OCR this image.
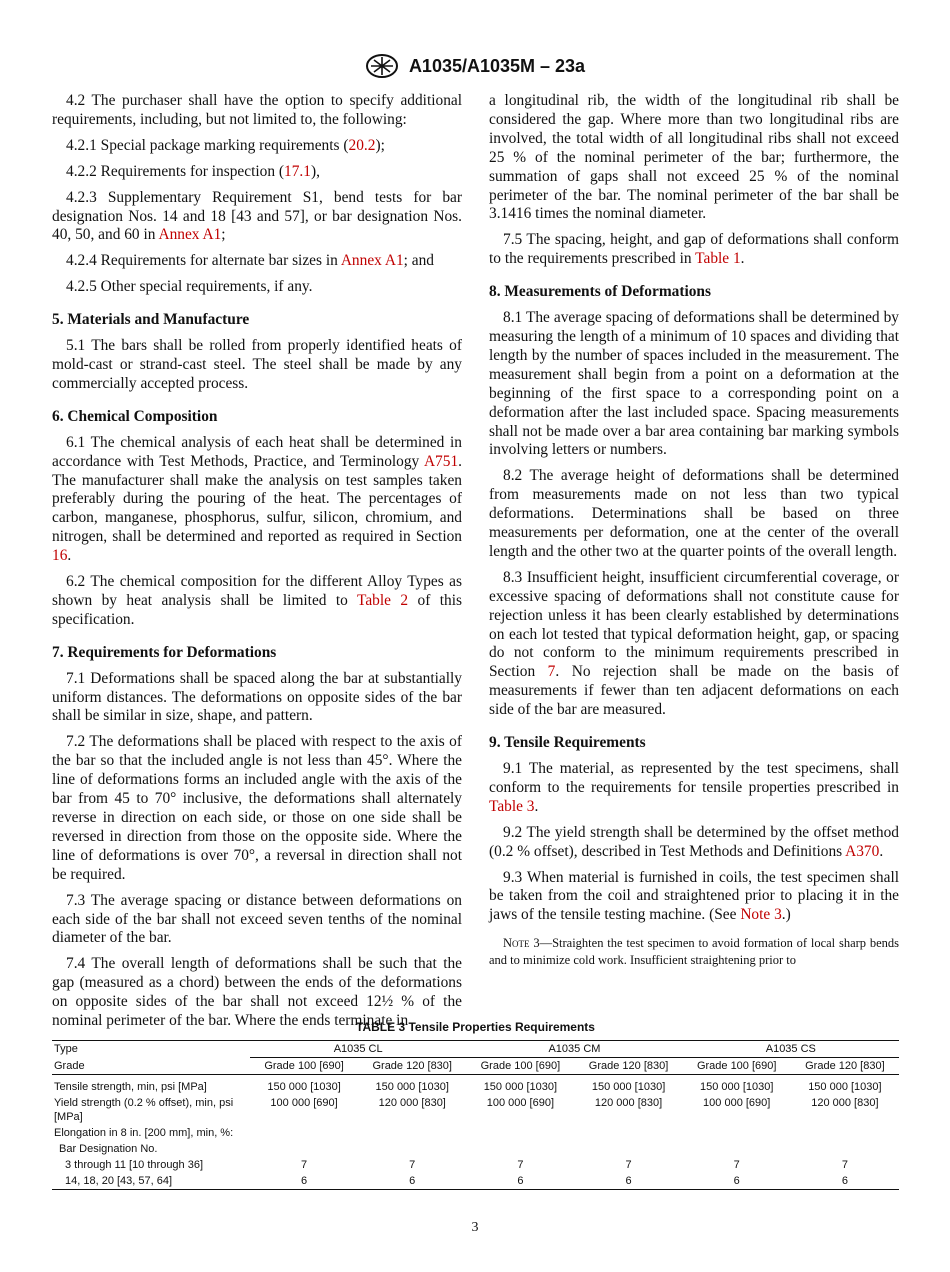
A1035/A1035M – 23a

4.2 The purchaser shall have the option to specify additional requirements, including, but not limited to, the following:

4.2.1 Special package marking requirements (20.2);

4.2.2 Requirements for inspection (17.1),

4.2.3 Supplementary Requirement S1, bend tests for bar designation Nos. 14 and 18 [43 and 57], or bar designation Nos. 40, 50, and 60 in Annex A1;

4.2.4 Requirements for alternate bar sizes in Annex A1; and

4.2.5 Other special requirements, if any.

5. Materials and Manufacture

5.1 The bars shall be rolled from properly identified heats of mold-cast or strand-cast steel. The steel shall be made by any commercially accepted process.

6. Chemical Composition

6.1 The chemical analysis of each heat shall be determined in accordance with Test Methods, Practice, and Terminology A751. The manufacturer shall make the analysis on test samples taken preferably during the pouring of the heat. The percentages of carbon, manganese, phosphorus, sulfur, silicon, chromium, and nitrogen, shall be determined and reported as required in Section 16.

6.2 The chemical composition for the different Alloy Types as shown by heat analysis shall be limited to Table 2 of this specification.

7. Requirements for Deformations

7.1 Deformations shall be spaced along the bar at substantially uniform distances. The deformations on opposite sides of the bar shall be similar in size, shape, and pattern.

7.2 The deformations shall be placed with respect to the axis of the bar so that the included angle is not less than 45°. Where the line of deformations forms an included angle with the axis of the bar from 45 to 70° inclusive, the deformations shall alternately reverse in direction on each side, or those on one side shall be reversed in direction from those on the opposite side. Where the line of deformations is over 70°, a reversal in direction shall not be required.

7.3 The average spacing or distance between deformations on each side of the bar shall not exceed seven tenths of the nominal diameter of the bar.

7.4 The overall length of deformations shall be such that the gap (measured as a chord) between the ends of the deformations on opposite sides of the bar shall not exceed 12½ % of the nominal perimeter of the bar. Where the ends terminate in

a longitudinal rib, the width of the longitudinal rib shall be considered the gap. Where more than two longitudinal ribs are involved, the total width of all longitudinal ribs shall not exceed 25 % of the nominal perimeter of the bar; furthermore, the summation of gaps shall not exceed 25 % of the nominal perimeter of the bar. The nominal perimeter of the bar shall be 3.1416 times the nominal diameter.

7.5 The spacing, height, and gap of deformations shall conform to the requirements prescribed in Table 1.

8. Measurements of Deformations

8.1 The average spacing of deformations shall be determined by measuring the length of a minimum of 10 spaces and dividing that length by the number of spaces included in the measurement. The measurement shall begin from a point on a deformation at the beginning of the first space to a corresponding point on a deformation after the last included space. Spacing measurements shall not be made over a bar area containing bar marking symbols involving letters or numbers.

8.2 The average height of deformations shall be determined from measurements made on not less than two typical deformations. Determinations shall be based on three measurements per deformation, one at the center of the overall length and the other two at the quarter points of the overall length.

8.3 Insufficient height, insufficient circumferential coverage, or excessive spacing of deformations shall not constitute cause for rejection unless it has been clearly established by determinations on each lot tested that typical deformation height, gap, or spacing do not conform to the minimum requirements prescribed in Section 7. No rejection shall be made on the basis of measurements if fewer than ten adjacent deformations on each side of the bar are measured.

9. Tensile Requirements

9.1 The material, as represented by the test specimens, shall conform to the requirements for tensile properties prescribed in Table 3.

9.2 The yield strength shall be determined by the offset method (0.2 % offset), described in Test Methods and Definitions A370.

9.3 When material is furnished in coils, the test specimen shall be taken from the coil and straightened prior to placing it in the jaws of the tensile testing machine. (See Note 3.)

Note 3—Straighten the test specimen to avoid formation of local sharp bends and to minimize cold work. Insufficient straightening prior to
TABLE 3 Tensile Properties Requirements
Type	A1035 CL		A1035 CM		A1035 CS	
Grade	Grade 100 [690]	Grade 120 [830]	Grade 100 [690]	Grade 120 [830]	Grade 100 [690]	Grade 120 [830]
Tensile strength, min, psi [MPa]	150 000 [1030]	150 000 [1030]	150 000 [1030]	150 000 [1030]	150 000 [1030]	150 000 [1030]
Yield strength (0.2 % offset), min, psi [MPa]	100 000 [690]	120 000 [830]	100 000 [690]	120 000 [830]	100 000 [690]	120 000 [830]
Elongation in 8 in. [200 mm], min, %:						
Bar Designation No.						
3 through 11 [10 through 36]	7	7	7	7	7	7
14, 18, 20 [43, 57, 64]	6	6	6	6	6	6
3
